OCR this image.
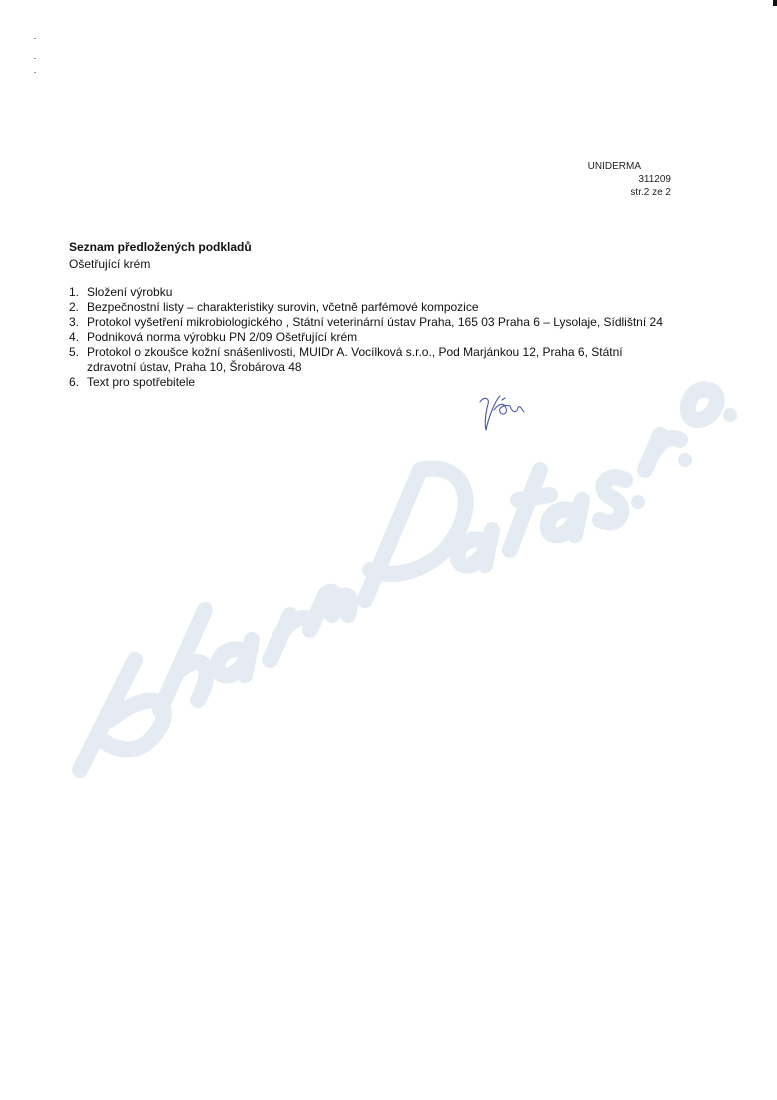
UNIDERMA
311209
str.2 ze 2
Seznam předložených podkladů
Ošetřující krém
1. Složení výrobku
2. Bezpečnostní listy – charakteristiky surovin, včetně parfémové kompozice
3. Protokol vyšetření mikrobiologického , Státní veterinární ústav Praha, 165 03 Praha 6 – Lysolaje, Sídlištní 24
4. Podniková norma výrobku PN 2/09 Ošetřující krém
5. Protokol o zkoušce kožní snášenlivosti, MUIDr A. Vocílková s.r.o., Pod Marjánkou 12, Praha 6, Státní zdravotní ústav, Praha 10, Šrobárova 48
6. Text pro spotřebitele
